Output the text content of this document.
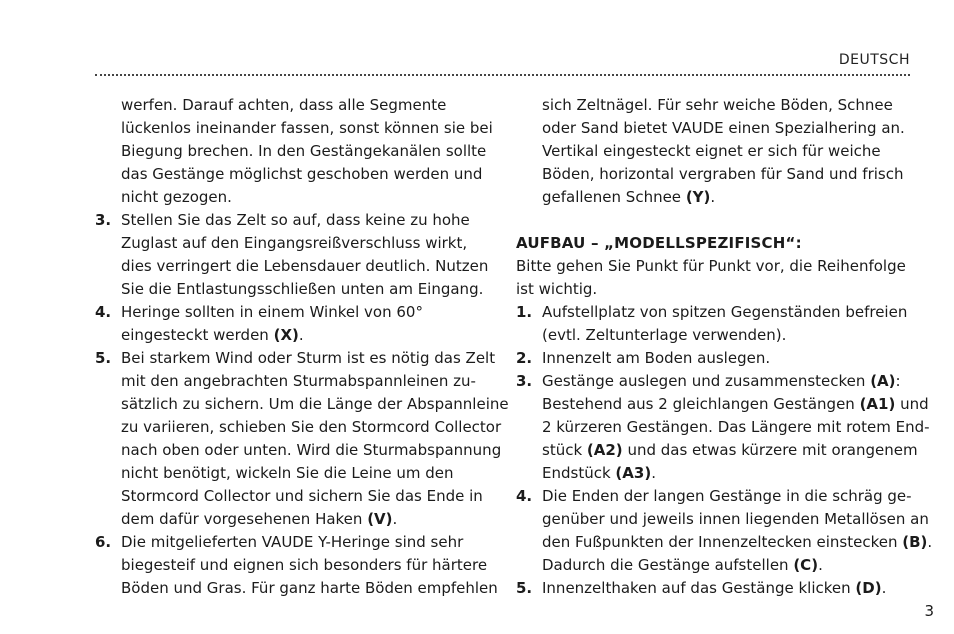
DEUTSCH
werfen. Darauf achten, dass alle Segmente
lückenlos ineinander fassen, sonst können sie bei
Biegung brechen. In den Gestängekanälen sollte
das Gestänge möglichst geschoben werden und
nicht gezogen.
3. Stellen Sie das Zelt so auf, dass keine zu hohe
Zuglast auf den Eingangsreißverschluss wirkt,
dies verringert die Lebensdauer deutlich. Nutzen
Sie die Entlastungsschließen unten am Eingang.
4. Heringe sollten in einem Winkel von 60°
eingesteckt werden (X).
5. Bei starkem Wind oder Sturm ist es nötig das Zelt
mit den angebrachten Sturmabspannleinen zu-
sätzlich zu sichern. Um die Länge der Abspannleine
zu variieren, schieben Sie den Stormcord Collector
nach oben oder unten. Wird die Sturmabspannung
nicht benötigt, wickeln Sie die Leine um den
Stormcord Collector und sichern Sie das Ende in
dem dafür vorgesehenen Haken (V).
6. Die mitgelieferten VAUDE Y-Heringe sind sehr
biegesteif und eignen sich besonders für härtere
Böden und Gras. Für ganz harte Böden empfehlen
sich Zeltnägel. Für sehr weiche Böden, Schnee
oder Sand bietet VAUDE einen Spezialhering an.
Vertikal eingesteckt eignet er sich für weiche
Böden, horizontal vergraben für Sand und frisch
gefallenen Schnee (Y).
AUFBAU – „MODELLSPEZIFISCH“:
Bitte gehen Sie Punkt für Punkt vor, die Reihenfolge
ist wichtig.
1. Aufstellplatz von spitzen Gegenständen befreien
(evtl. Zeltunterlage verwenden).
2. Innenzelt am Boden auslegen.
3. Gestänge auslegen und zusammenstecken (A):
Bestehend aus 2 gleichlangen Gestängen (A1) und
2 kürzeren Gestängen. Das Längere mit rotem End-
stück (A2) und das etwas kürzere mit orangenem
Endstück (A3).
4. Die Enden der langen Gestänge in die schräg ge-
genüber und jeweils innen liegenden Metallösen an
den Fußpunkten der Innenzeltecken einstecken (B).
Dadurch die Gestänge aufstellen (C).
5. Innenzelthaken auf das Gestänge klicken (D).
3
